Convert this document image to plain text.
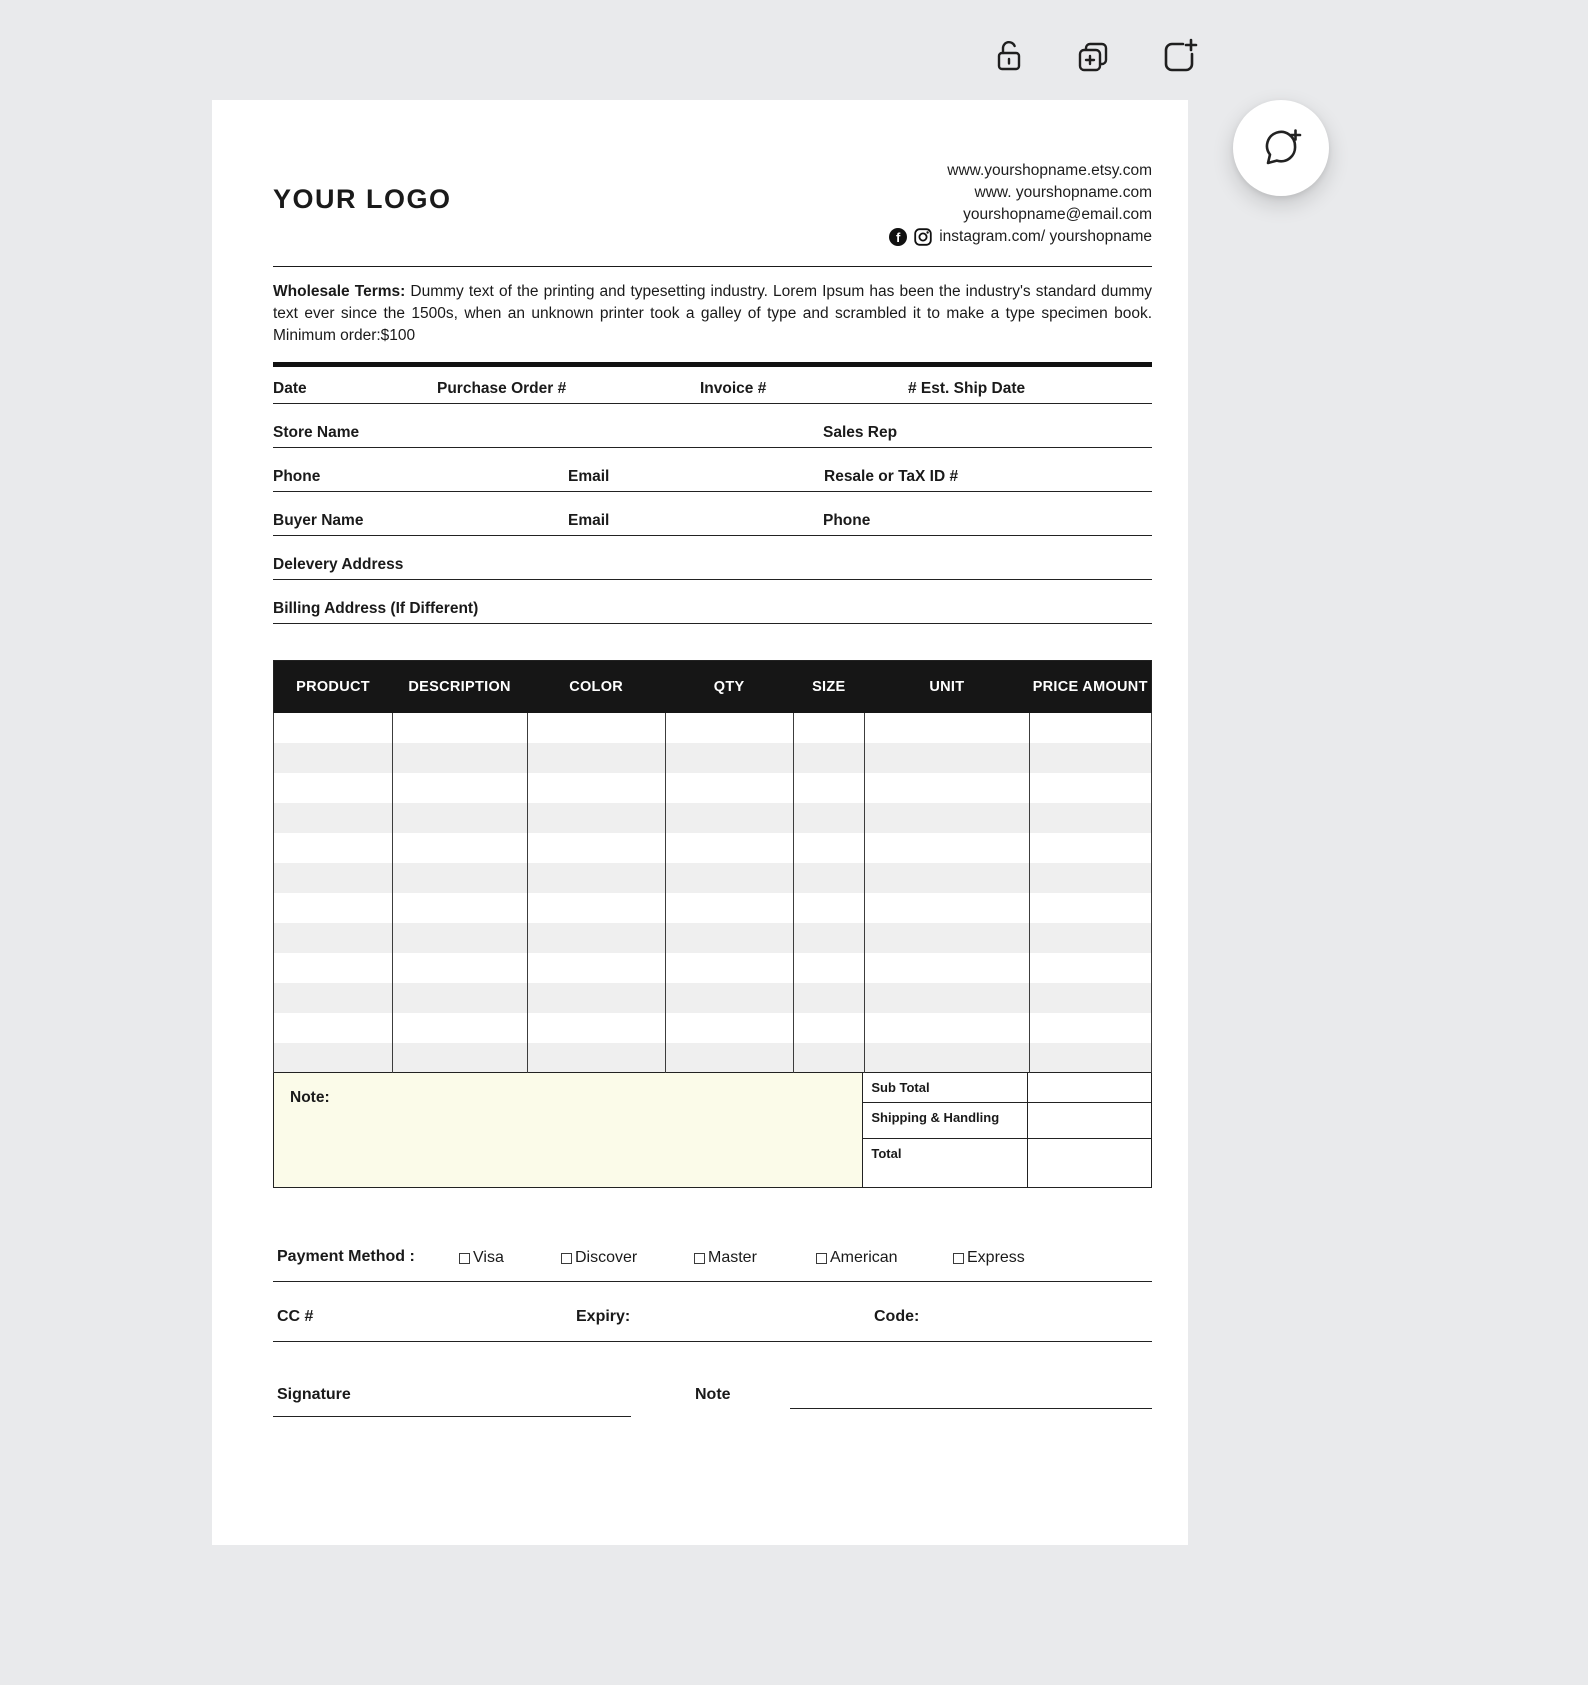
YOUR LOGO
www.yourshopname.etsy.com
www. yourshopname.com
yourshopname@email.com
f	instagram.com/ yourshopname

Wholesale Terms: Dummy text of the printing and typesetting industry. Lorem Ipsum has been the industry's standard dummy text ever since the 1500s, when an unknown printer took a galley of type and scrambled it to make a type specimen book. Minimum order:$100

Date	Purchase Order #	Invoice #	# Est. Ship Date
Store Name	Sales Rep
Phone	Email	Resale or TaX ID #
Buyer Name	Email	Phone
Delevery Address
Billing Address (If Different)
PRODUCT	DESCRIPTION	COLOR	QTY	SIZE	UNIT	PRICE AMOUNT

Note:
Sub Total
Shipping & Handling
Total
Payment Method :	Visa	Discover	Master	American	Express
CC #	Expiry:	Code:
Signature	Note
